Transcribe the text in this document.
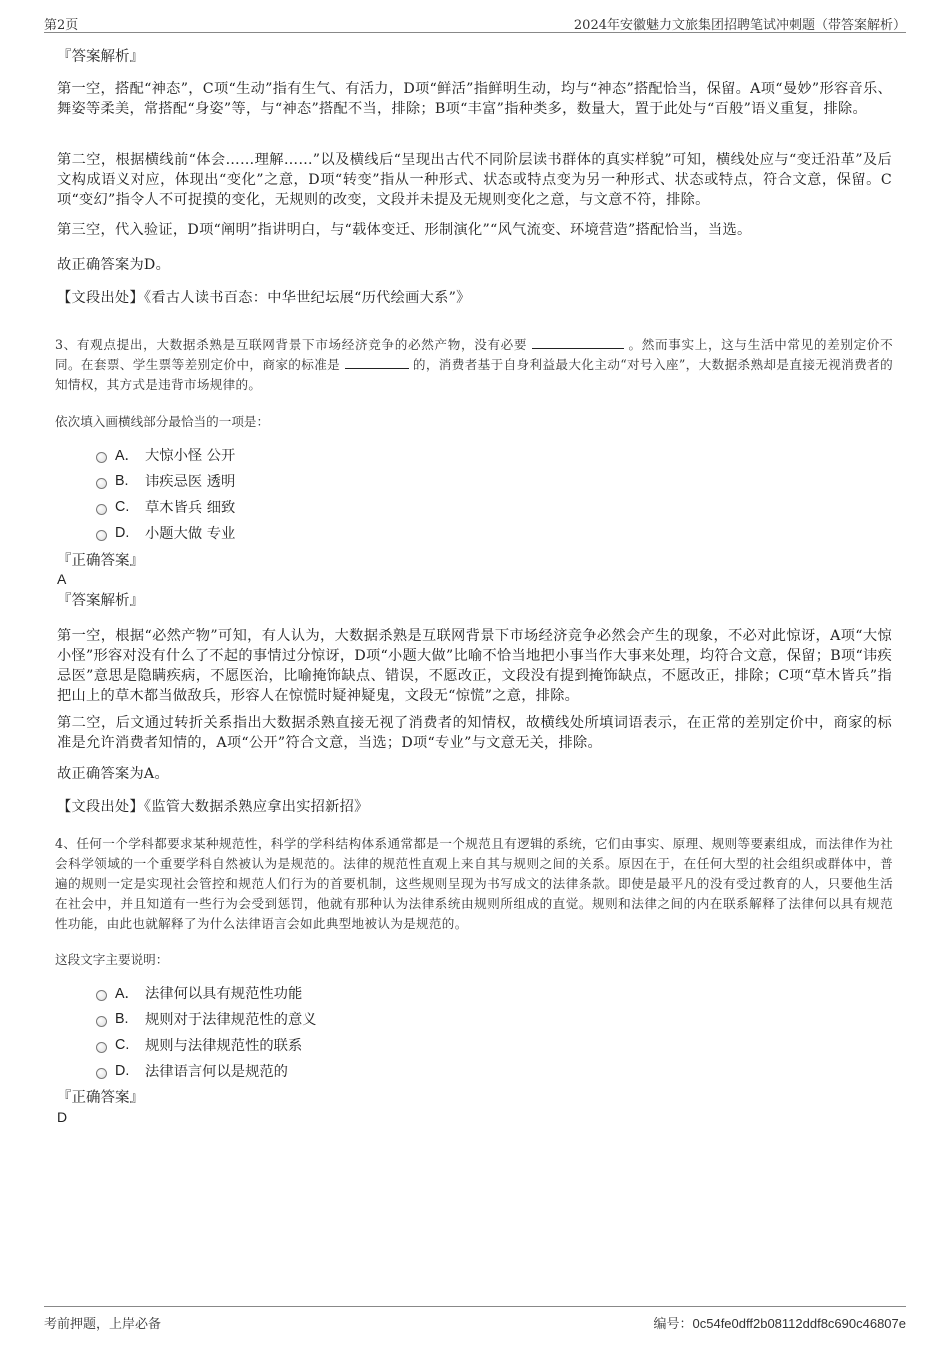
第2页	2024年安徽魅力文旅集团招聘笔试冲刺题（带答案解析）
『答案解析』
第一空，搭配“神态”，C项“生动”指有生气、有活力，D项“鲜活”指鲜明生动，均与“神态”搭配恰当，保留。A项“曼妙”形容音乐、舞姿等柔美，常搭配“身姿”等，与“神态”搭配不当，排除；B项“丰富”指种类多，数量大，置于此处与“百般”语义重复，排除。
第二空，根据横线前“体会……理解……”以及横线后“呈现出古代不同阶层读书群体的真实样貌”可知，横线处应与“变迁沿革”及后文构成语义对应，体现出“变化”之意，D项“转变”指从一种形式、状态或特点变为另一种形式、状态或特点，符合文意，保留。C项“变幻”指令人不可捉摸的变化，无规则的改变，文段并未提及无规则变化之意，与文意不符，排除。
第三空，代入验证，D项“阐明”指讲明白，与“载体变迁、形制演化”“风气流变、环境营造”搭配恰当，当选。
故正确答案为D。
【文段出处】《看古人读书百态：中华世纪坛展“历代绘画大系”》
3、有观点提出，大数据杀熟是互联网背景下市场经济竞争的必然产物，没有必要	。然而事实上，这与生活中常见的差别定价不同。在套票、学生票等差别定价中，商家的标准是	的，消费者基于自身利益最大化主动“对号入座”，大数据杀熟却是直接无视消费者的知情权，其方式是违背市场规律的。
依次填入画横线部分最恰当的一项是：
A． 大惊小怪 公开
B.	讳疾忌医 透明
C.	草木皆兵 细致
D.	小题大做 专业
『正确答案』
A
『答案解析』
第一空，根据“必然产物”可知，有人认为，大数据杀熟是互联网背景下市场经济竞争必然会产生的现象，不必对此惊讶，A项“大惊小怪”形容对没有什么了不起的事情过分惊讶，D项“小题大做”比喻不恰当地把小事当作大事来处理，均符合文意，保留；B项“讳疾忌医”意思是隐瞒疾病，不愿医治，比喻掩饰缺点、错误，不愿改正，文段没有提到掩饰缺点，不愿改正，排除；C项“草木皆兵”指把山上的草木都当做敌兵，形容人在惊慌时疑神疑鬼，文段无“惊慌”之意，排除。
第二空，后文通过转折关系指出大数据杀熟直接无视了消费者的知情权，故横线处所填词语表示，在正常的差别定价中，商家的标准是允许消费者知情的，A项“公开”符合文意，当选；D项“专业”与文意无关，排除。
故正确答案为A。
【文段出处】《监管大数据杀熟应拿出实招新招》
4、任何一个学科都要求某种规范性，科学的学科结构体系通常都是一个规范且有逻辑的系统，它们由事实、原理、规则等要素组成，而法律作为社会科学领域的一个重要学科自然被认为是规范的。法律的规范性直观上来自其与规则之间的关系。原因在于，在任何大型的社会组织或群体中，普遍的规则一定是实现社会管控和规范人们行为的首要机制，这些规则呈现为书写成文的法律条款。即使是最平凡的没有受过教育的人，只要他生活在社会中，并且知道有一些行为会受到惩罚，他就有那种认为法律系统由规则所组成的直觉。规则和法律之间的内在联系解释了法律何以具有规范性功能，由此也就解释了为什么法律语言会如此典型地被认为是规范的。
这段文字主要说明：
A． 法律何以具有规范性功能
B.	规则对于法律规范性的意义
C.	规则与法律规范性的联系
D.	法律语言何以是规范的
『正确答案』
D
考前押题，上岸必备	编号：0c54fe0dff2b08112ddf8c690c46807e
